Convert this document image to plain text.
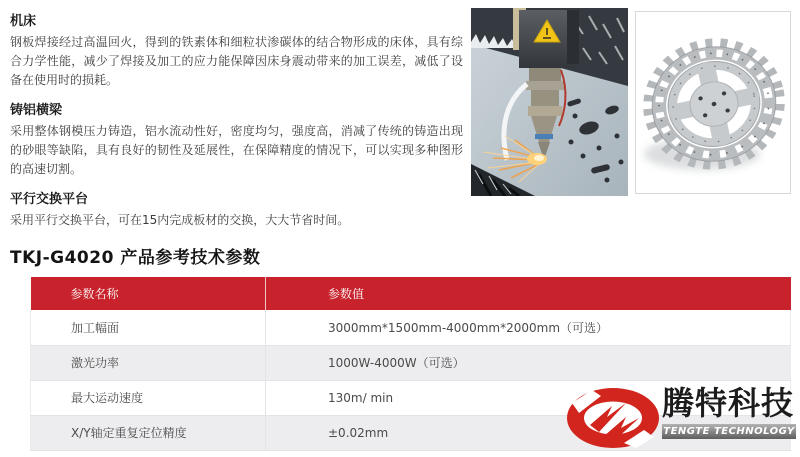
机床
钢板焊接经过高温回火，得到的铁素体和细粒状渗碳体的结合物形成的床体，具有综合力学性能，减少了焊接及加工的应力能保障因床身震动带来的加工误差，减低了设备在使用时的损耗。
铸铝横梁
采用整体钢模压力铸造，铝水流动性好，密度均匀，强度高，消减了传统的铸造出现的砂眼等缺陷，具有良好的韧性及延展性，在保障精度的情况下，可以实现多种图形的高速切割。
平行交换平台
采用平行交换平台，可在15内完成板材的交换，大大节省时间。
TKJ-G4020 产品参考技术参数
参数名称	参数值
加工幅面	3000mm*1500mm-4000mm*2000mm（可选）
激光功率	1000W-4000W（可选）
最大运动速度	130m/ min
X/Y轴定重复定位精度	±0.02mm
腾特科技
TENGTE TECHNOLOGY
